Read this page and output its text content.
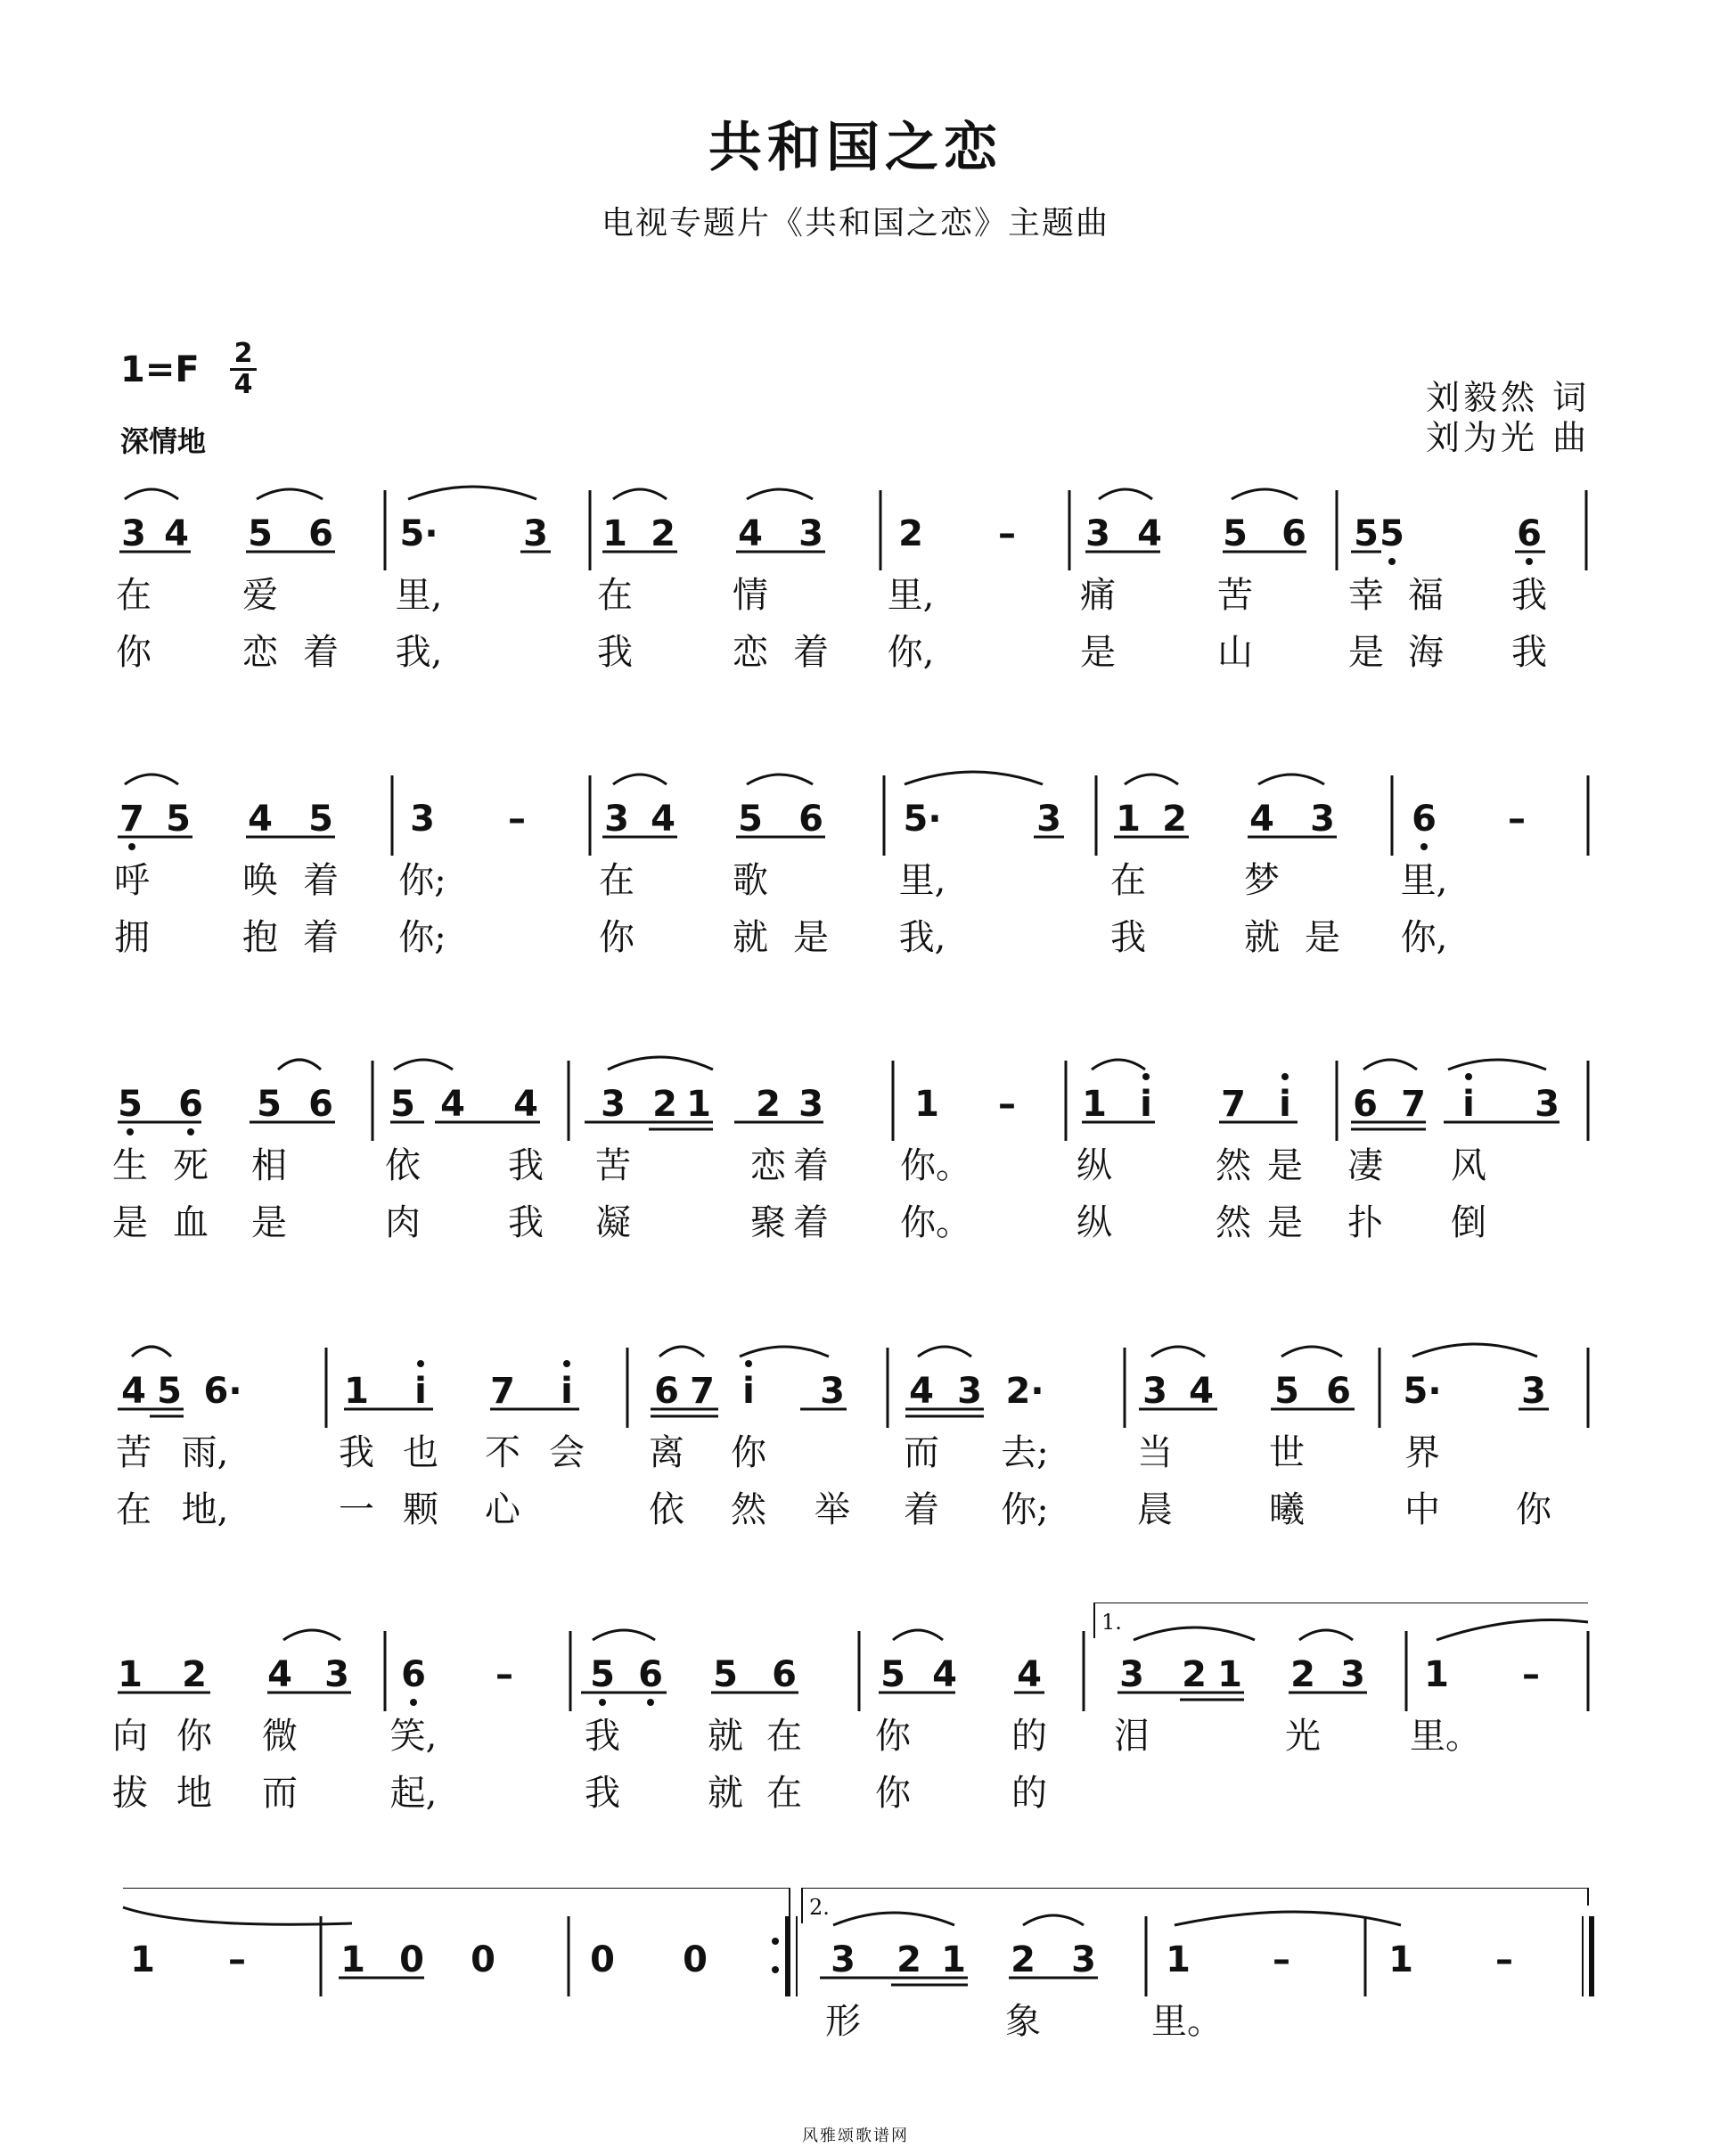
共和国之恋
电视专题片《共和国之恋》主题曲
1=F 2
4
深情地
刘毅然 词
刘为光 曲
3 4 5 6 5· 3 1 2 4 3 2 – 3 4 5 6 5 5	6
在	爱	里,	在	情	里,	痛	苦	幸 福 我
你	恋 着 我,	我	恋 着 你,	是	山	是 海 我
7 5 4 5 3 – 3 4 5 6 5·	3 1 2 4 3 6 –
呼	唤 着 你;	在	歌	里,	在	梦	里,
拥	抱 着 你;	你	就 是 我,	我	就 是 你,
5 6 5 6 5 4 4 3 2 1 2 3	1 – 1 i 7 i 6 7 i 3
生 死 相	依 我 苦	恋 着 你。	纵	然 是 凄 风
是 血 是	肉 我 凝	聚 着 你。	纵	然 是 扑 倒
4 5 6·	1 i 7 i 6 7 i 3 4 3 2·	3 4 5 6 5· 3
苦 雨,	我 也 不 会 离 你	而 去; 当	世	界
在 地,	一 颗 心	依 然 举 着 你; 晨	曦	中 你
1.
1 2 4 3 6 – 5 6 5 6 5 4 4 3 2 1 2 3 1 –
向 你 微	笑,	我 就 在 你	的 泪	光	里。
拔 地 而	起,	我 就 在 你	的
2.
1 –	1 0 0	0 0	3 2 1 2 3 1 –	1 –
形	象	里。
风雅颂歌谱网
